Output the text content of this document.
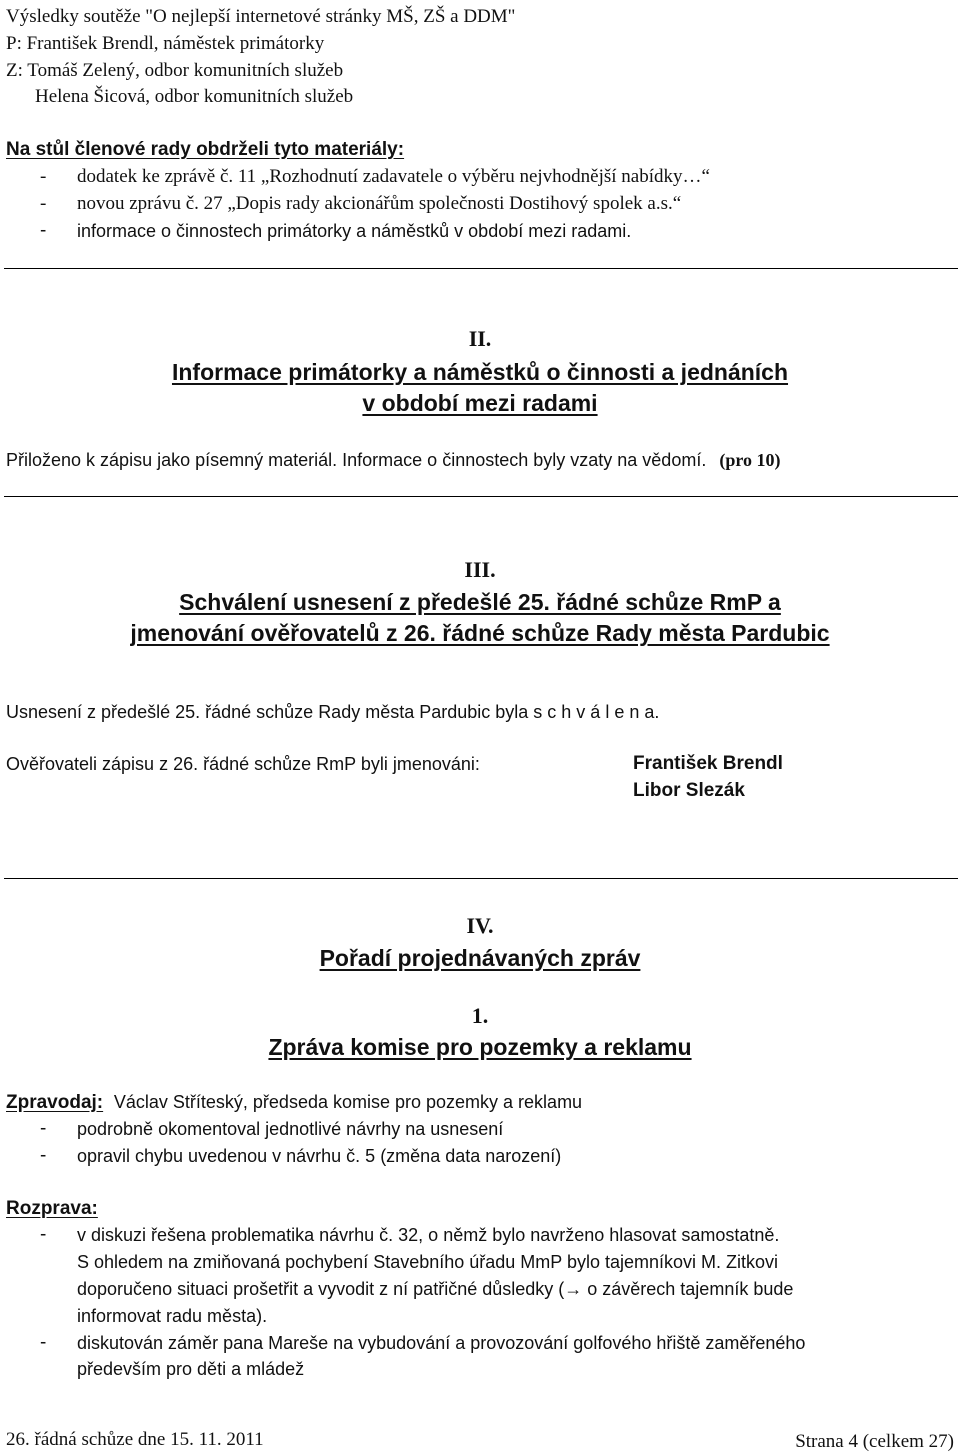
Výsledky soutěže "O nejlepší internetové stránky MŠ, ZŠ a DDM"
P: František Brendl, náměstek primátorky
Z: Tomáš Zelený, odbor komunitních služeb
Helena Šicová, odbor komunitních služeb
Na stůl členové rady obdrželi tyto materiály:
- dodatek ke zprávě č. 11 „Rozhodnutí zadavatele o výběru nejvhodnější nabídky…“
- novou zprávu č. 27 „Dopis rady akcionářům společnosti Dostihový spolek a.s.“
- informace o činnostech primátorky a náměstků v období mezi radami.
II.
Informace primátorky a náměstků o činnosti a jednáních
v období mezi radami
Přiloženo k zápisu jako písemný materiál. Informace o činnostech byly vzaty na vědomí. (pro 10)
III.
Schválení usnesení z předešlé 25. řádné schůze RmP a
jmenování ověřovatelů z 26. řádné schůze Rady města Pardubic
Usnesení z předešlé 25. řádné schůze Rady města Pardubic byla s c h v á l e n a.
Ověřovateli zápisu z 26. řádné schůze RmP byli jmenováni:	František Brendl
Libor Slezák
IV.
Pořadí projednávaných zpráv
1.
Zpráva komise pro pozemky a reklamu
Zpravodaj: Václav Stříteský, předseda komise pro pozemky a reklamu
- podrobně okomentoval jednotlivé návrhy na usnesení
- opravil chybu uvedenou v návrhu č. 5 (změna data narození)
Rozprava:
- v diskuzi řešena problematika návrhu č. 32, o němž bylo navrženo hlasovat samostatně.
S ohledem na zmiňovaná pochybení Stavebního úřadu MmP bylo tajemníkovi M. Zitkovi
doporučeno situaci prošetřit a vyvodit z ní patřičné důsledky (→ o závěrech tajemník bude
informovat radu města).
- diskutován záměr pana Mareše na vybudování a provozování golfového hřiště zaměřeného
především pro děti a mládež
26. řádná schůze dne 15. 11. 2011	Strana 4 (celkem 27)
